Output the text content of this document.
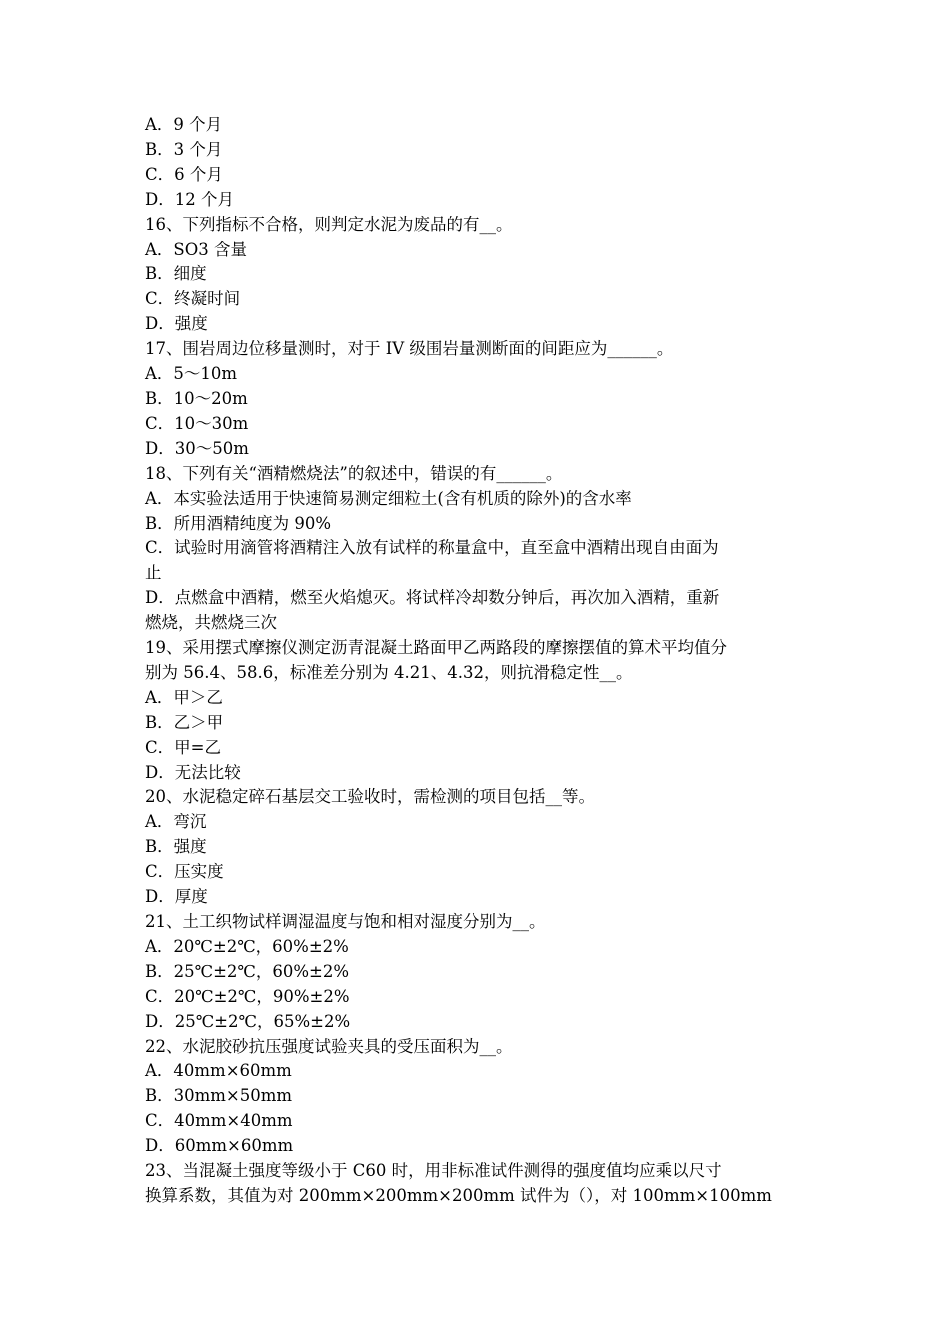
A．9 个月
B．3 个月
C．6 个月
D．12 个月
16、下列指标不合格，则判定水泥为废品的有__。
A．SO3 含量
B．细度
C．终凝时间
D．强度
17、围岩周边位移量测时，对于 IV 级围岩量测断面的间距应为______。
A．5～10m
B．10～20m
C．10～30m
D．30～50m
18、下列有关“酒精燃烧法”的叙述中，错误的有______。
A．本实验法适用于快速简易测定细粒土(含有机质的除外)的含水率
B．所用酒精纯度为 90%
C．试验时用滴管将酒精注入放有试样的称量盒中，直至盒中酒精出现自由面为
止
D．点燃盒中酒精，燃至火焰熄灭。将试样冷却数分钟后，再次加入酒精，重新
燃烧，共燃烧三次
19、采用摆式摩擦仪测定沥青混凝土路面甲乙两路段的摩擦摆值的算术平均值分
别为 56.4、58.6，标准差分别为 4.21、4.32，则抗滑稳定性__。
A．甲＞乙
B．乙＞甲
C．甲=乙
D．无法比较
20、水泥稳定碎石基层交工验收时，需检测的项目包括__等。
A．弯沉
B．强度
C．压实度
D．厚度
21、土工织物试样调湿温度与饱和相对湿度分别为__。
A．20℃±2℃，60%±2%
B．25℃±2℃，60%±2%
C．20℃±2℃，90%±2%
D．25℃±2℃，65%±2%
22、水泥胶砂抗压强度试验夹具的受压面积为__。
A．40mm×60mm
B．30mm×50mm
C．40mm×40mm
D．60mm×60mm
23、当混凝土强度等级小于 C60 时，用非标准试件测得的强度值均应乘以尺寸
换算系数，其值为对 200mm×200mm×200mm 试件为（），对 100mm×100mm
